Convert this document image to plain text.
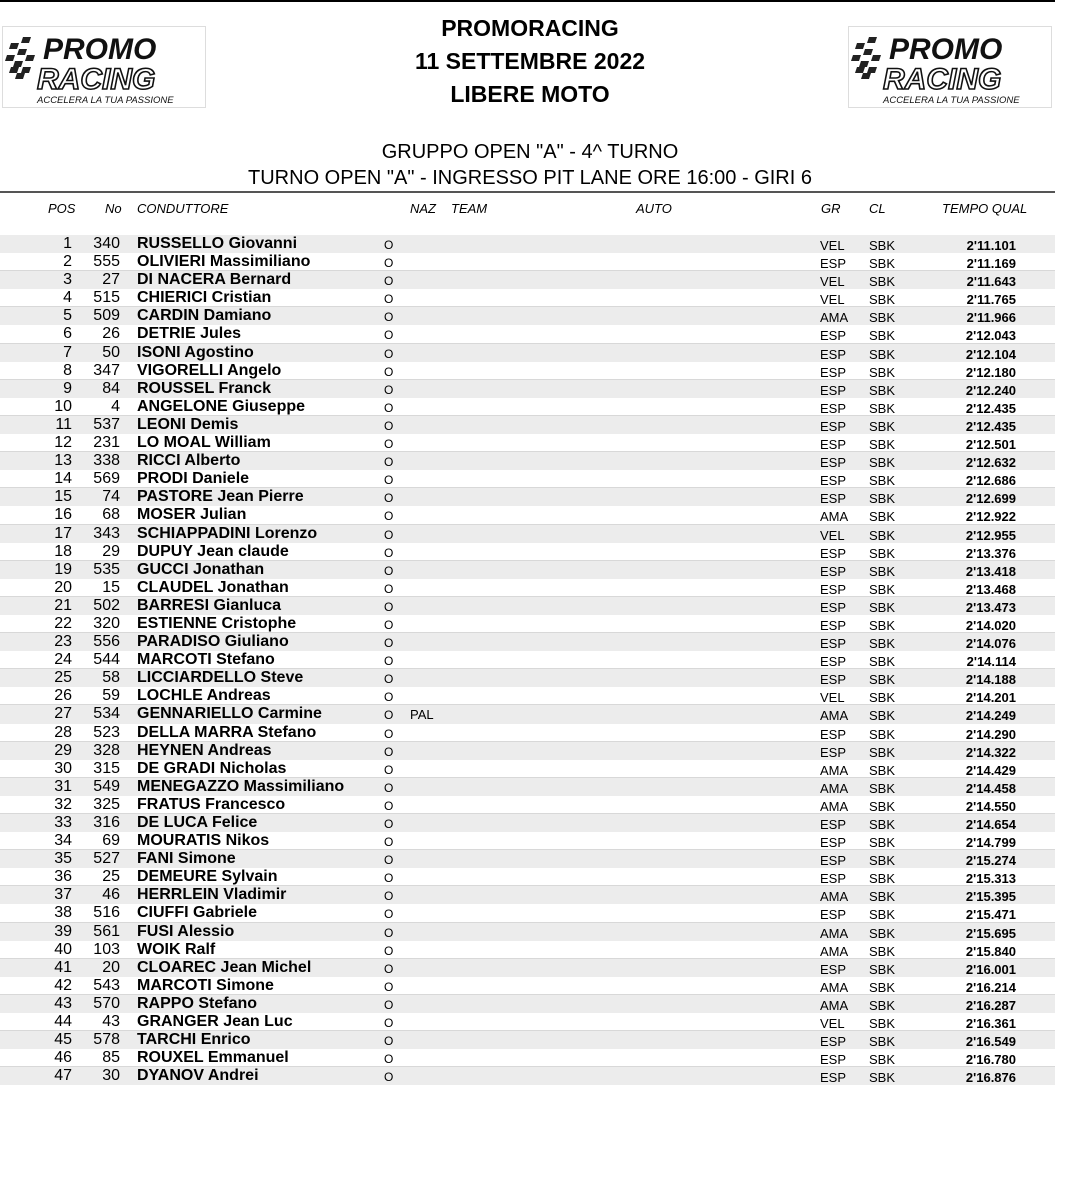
PROMO
RACING
ACCELERA LA TUA PASSIONE
PROMO
RACING
ACCELERA LA TUA PASSIONE
PROMORACING
11 SETTEMBRE 2022
LIBERE MOTO
GRUPPO OPEN "A" - 4^ TURNO
TURNO OPEN "A" - INGRESSO PIT LANE ORE 16:00 - GIRI 6
POS No CONDUTTORE	NAZ TEAM	AUTO	GR CL	TEMPO QUAL
1	340 RUSSELLO Giovanni	O	VEL SBK	2'11.101
2	555 OLIVIERI Massimiliano	O	ESP SBK	2'11.169
3	27 DI NACERA Bernard	O	VEL SBK	2'11.643
4	515 CHIERICI Cristian	O	VEL SBK	2'11.765
5	509 CARDIN Damiano	O	AMA SBK	2'11.966
6	26 DETRIE Jules	O	ESP SBK	2'12.043
7	50 ISONI Agostino	O	ESP SBK	2'12.104
8	347 VIGORELLI Angelo	O	ESP SBK	2'12.180
9	84 ROUSSEL Franck	O	ESP SBK	2'12.240
10	4 ANGELONE Giuseppe	O	ESP SBK	2'12.435
11	537 LEONI Demis	O	ESP SBK	2'12.435
12	231 LO MOAL William	O	ESP SBK	2'12.501
13	338 RICCI Alberto	O	ESP SBK	2'12.632
14	569 PRODI Daniele	O	ESP SBK	2'12.686
15	74 PASTORE Jean Pierre	O	ESP SBK	2'12.699
16	68 MOSER Julian	O	AMA SBK	2'12.922
17	343 SCHIAPPADINI Lorenzo	O	VEL SBK	2'12.955
18	29 DUPUY Jean claude	O	ESP SBK	2'13.376
19	535 GUCCI Jonathan	O	ESP SBK	2'13.418
20	15 CLAUDEL Jonathan	O	ESP SBK	2'13.468
21	502 BARRESI Gianluca	O	ESP SBK	2'13.473
22	320 ESTIENNE Cristophe	O	ESP SBK	2'14.020
23	556 PARADISO Giuliano	O	ESP SBK	2'14.076
24	544 MARCOTI Stefano	O	ESP SBK	2'14.114
25	58 LICCIARDELLO Steve	O	ESP SBK	2'14.188
26	59 LOCHLE Andreas	O	VEL SBK	2'14.201
27	534 GENNARIELLO Carmine	O PAL	AMA SBK	2'14.249
28	523 DELLA MARRA Stefano	O	ESP SBK	2'14.290
29	328 HEYNEN Andreas	O	ESP SBK	2'14.322
30	315 DE GRADI Nicholas	O	AMA SBK	2'14.429
31	549 MENEGAZZO Massimiliano	O	AMA SBK	2'14.458
32	325 FRATUS Francesco	O	AMA SBK	2'14.550
33	316 DE LUCA Felice	O	ESP SBK	2'14.654
34	69 MOURATIS Nikos	O	ESP SBK	2'14.799
35	527 FANI Simone	O	ESP SBK	2'15.274
36	25 DEMEURE Sylvain	O	ESP SBK	2'15.313
37	46 HERRLEIN Vladimir	O	AMA SBK	2'15.395
38	516 CIUFFI Gabriele	O	ESP SBK	2'15.471
39	561 FUSI Alessio	O	AMA SBK	2'15.695
40	103 WOIK Ralf	O	AMA SBK	2'15.840
41	20 CLOAREC Jean Michel	O	ESP SBK	2'16.001
42	543 MARCOTI Simone	O	AMA SBK	2'16.214
43	570 RAPPO Stefano	O	AMA SBK	2'16.287
44	43 GRANGER Jean Luc	O	VEL SBK	2'16.361
45	578 TARCHI Enrico	O	ESP SBK	2'16.549
46	85 ROUXEL Emmanuel	O	ESP SBK	2'16.780
47	30 DYANOV Andrei	O	ESP SBK	2'16.876
